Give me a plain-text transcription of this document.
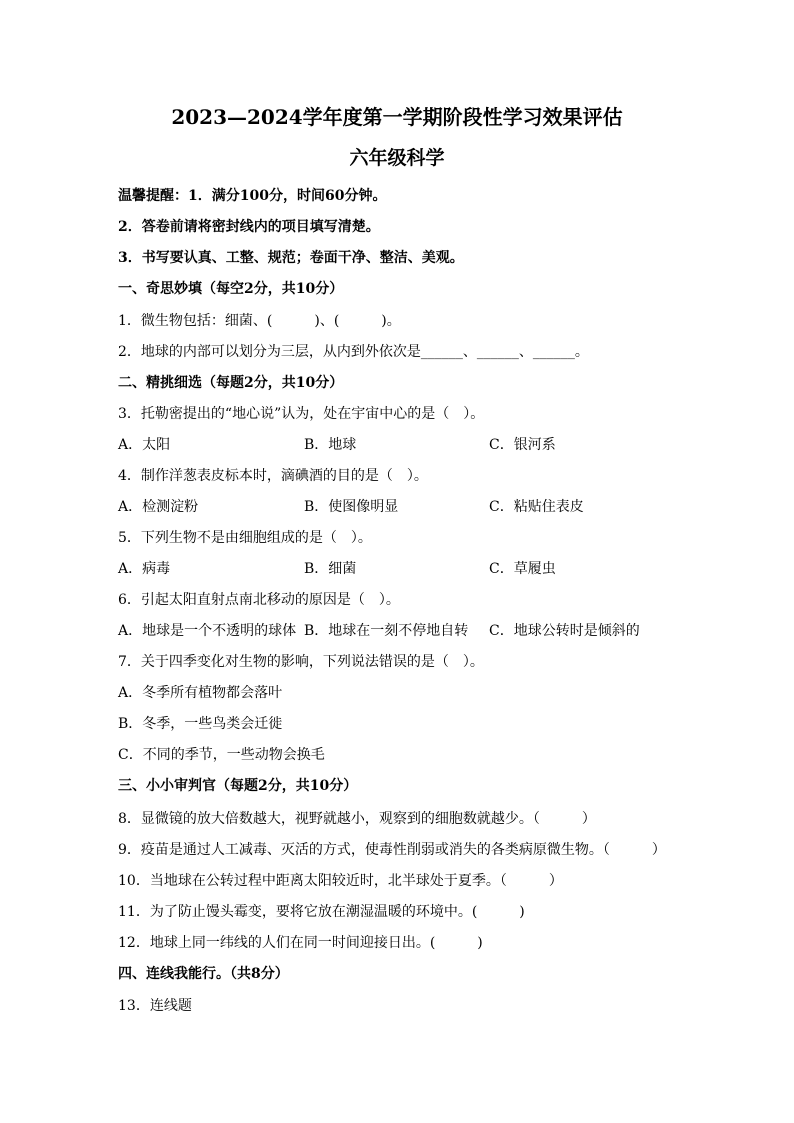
2023—2024学年度第一学期阶段性学习效果评估
六年级科学
温馨提醒：1．满分100分，时间60分钟。
2．答卷前请将密封线内的项目填写清楚。
3．书写要认真、工整、规范；卷面干净、整洁、美观。
一、奇思妙填（每空2分，共10分）
1．微生物包括：细菌、(　　　)、(　　　)。
2．地球的内部可以划分为三层，从内到外依次是______、______、______。
二、精挑细选（每题2分，共10分）
3．托勒密提出的“地心说”认为，处在宇宙中心的是（　）。
A．太阳	B．地球	C．银河系
4．制作洋葱表皮标本时，滴碘酒的目的是（　）。
A．检测淀粉	B．使图像明显	C．粘贴住表皮
5．下列生物不是由细胞组成的是（　）。
A．病毒	B．细菌	C．草履虫
6．引起太阳直射点南北移动的原因是（　）。
A．地球是一个不透明的球体 B．地球在一刻不停地自转 C．地球公转时是倾斜的
7．关于四季变化对生物的影响，下列说法错误的是（　）。
A．冬季所有植物都会落叶
B．冬季，一些鸟类会迁徙
C．不同的季节，一些动物会换毛
三、小小审判官（每题2分，共10分）
8．显微镜的放大倍数越大，视野就越小，观察到的细胞数就越少。（　　　）
9．疫苗是通过人工减毒、灭活的方式，使毒性削弱或消失的各类病原微生物。（　　　）
10．当地球在公转过程中距离太阳较近时，北半球处于夏季。（　　　）
11．为了防止馒头霉变，要将它放在潮湿温暖的环境中。(　　　)
12．地球上同一纬线的人们在同一时间迎接日出。(　　　)
四、连线我能行。（共8分）
13．连线题
